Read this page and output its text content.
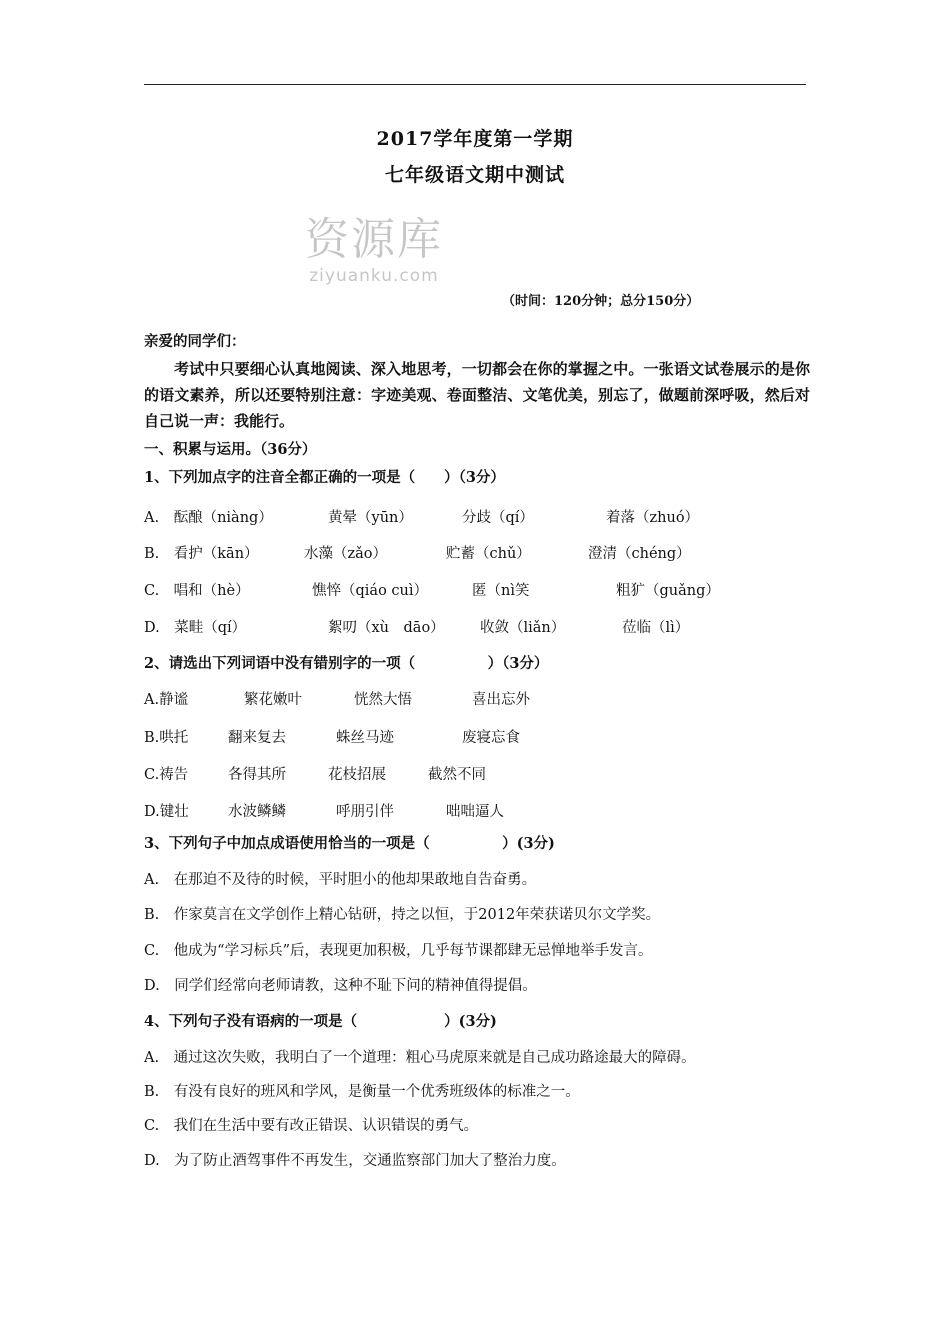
2017学年度第一学期
七年级语文期中测试
资源库
ziyuanku.com
（时间：120分钟；总分150分）
亲爱的同学们：
考试中只要细心认真地阅读、深入地思考，一切都会在你的掌握之中。一张语文试卷展示的是你的语文素养，所以还要特别注意：字迹美观、卷面整洁、文笔优美，别忘了，做题前深呼吸，然后对自己说一声：我能行。
一、积累与运用。（36分）
1、下列加点字的注音全都正确的一项是（　　）（3分）
A.　酝酿（niàng）	黄晕（yūn）	分歧（qí）	着落（zhuó）
B.　看护（kān）	水藻（zǎo）	贮蓄（chǔ）	澄清（chéng）
C.　唱和（hè）	憔悴（qiáo cuì）	匿（nì笑	粗犷（guǎng）
D.　菜畦（qí）	絮叨（xù　dāo） 收敛（liǎn）	莅临（lì）
2、请选出下列词语中没有错别字的一项（　　　　　）（3分）
A.静谧	繁花嫩叶	恍然大悟	喜出忘外
B.哄托	翻来复去	蛛丝马迹	废寝忘食
C.祷告	各得其所	花枝招展	截然不同
D.键壮	水波鳞鳞	呼朋引伴	咄咄逼人
3、下列句子中加点成语使用恰当的一项是（　　　　　）(3分)
A.　在那迫不及待的时候，平时胆小的他却果敢地自告奋勇。
B.　作家莫言在文学创作上精心钻研，持之以恒，于2012年荣获诺贝尔文学奖。
C.　他成为“学习标兵”后，表现更加积极，几乎每节课都肆无忌惮地举手发言。
D.　同学们经常向老师请教，这种不耻下问的精神值得提倡。
4、下列句子没有语病的一项是（　　　　　　）(3分)
A.　通过这次失败，我明白了一个道理：粗心马虎原来就是自己成功路途最大的障碍。
B.　有没有良好的班风和学风，是衡量一个优秀班级体的标准之一。
C.　我们在生活中要有改正错误、认识错误的勇气。
D.　为了防止酒驾事件不再发生，交通监察部门加大了整治力度。
